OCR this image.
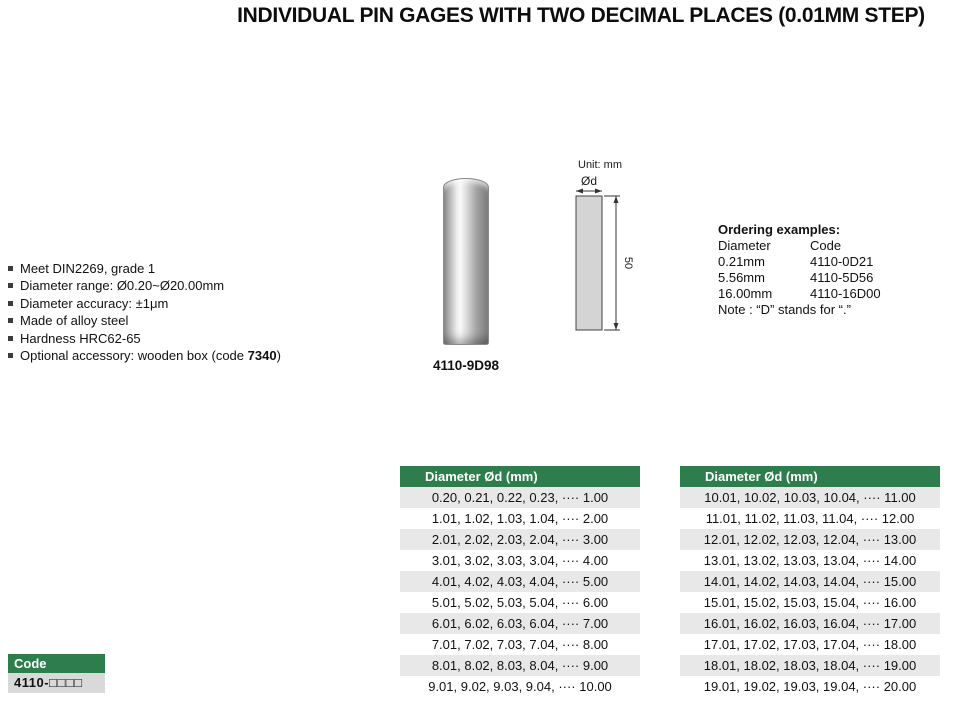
INDIVIDUAL PIN GAGES WITH TWO DECIMAL PLACES (0.01MM STEP)
Meet DIN2269, grade 1
Diameter range: Ø0.20~Ø20.00mm
Diameter accuracy: ±1μm
Made of alloy steel
Hardness HRC62-65
Optional accessory: wooden box (code 7340)
4110-9D98
Unit: mm
Ød
50
Ordering examples:
Diameter	Code
0.21mm	4110-0D21
5.56mm	4110-5D56
16.00mm	4110-16D00
Note : “D” stands for “.”
Code
4110-□□□□
Diameter Ød (mm)
0.20, 0.21, 0.22, 0.23, ···· 1.00
1.01, 1.02, 1.03, 1.04, ···· 2.00
2.01, 2.02, 2.03, 2.04, ···· 3.00
3.01, 3.02, 3.03, 3.04, ···· 4.00
4.01, 4.02, 4.03, 4.04, ···· 5.00
5.01, 5.02, 5.03, 5.04, ···· 6.00
6.01, 6.02, 6.03, 6.04, ···· 7.00
7.01, 7.02, 7.03, 7.04, ···· 8.00
8.01, 8.02, 8.03, 8.04, ···· 9.00
9.01, 9.02, 9.03, 9.04, ···· 10.00
Diameter Ød (mm)
10.01, 10.02, 10.03, 10.04, ···· 11.00
11.01, 11.02, 11.03, 11.04, ···· 12.00
12.01, 12.02, 12.03, 12.04, ···· 13.00
13.01, 13.02, 13.03, 13.04, ···· 14.00
14.01, 14.02, 14.03, 14.04, ···· 15.00
15.01, 15.02, 15.03, 15.04, ···· 16.00
16.01, 16.02, 16.03, 16.04, ···· 17.00
17.01, 17.02, 17.03, 17.04, ···· 18.00
18.01, 18.02, 18.03, 18.04, ···· 19.00
19.01, 19.02, 19.03, 19.04, ···· 20.00
